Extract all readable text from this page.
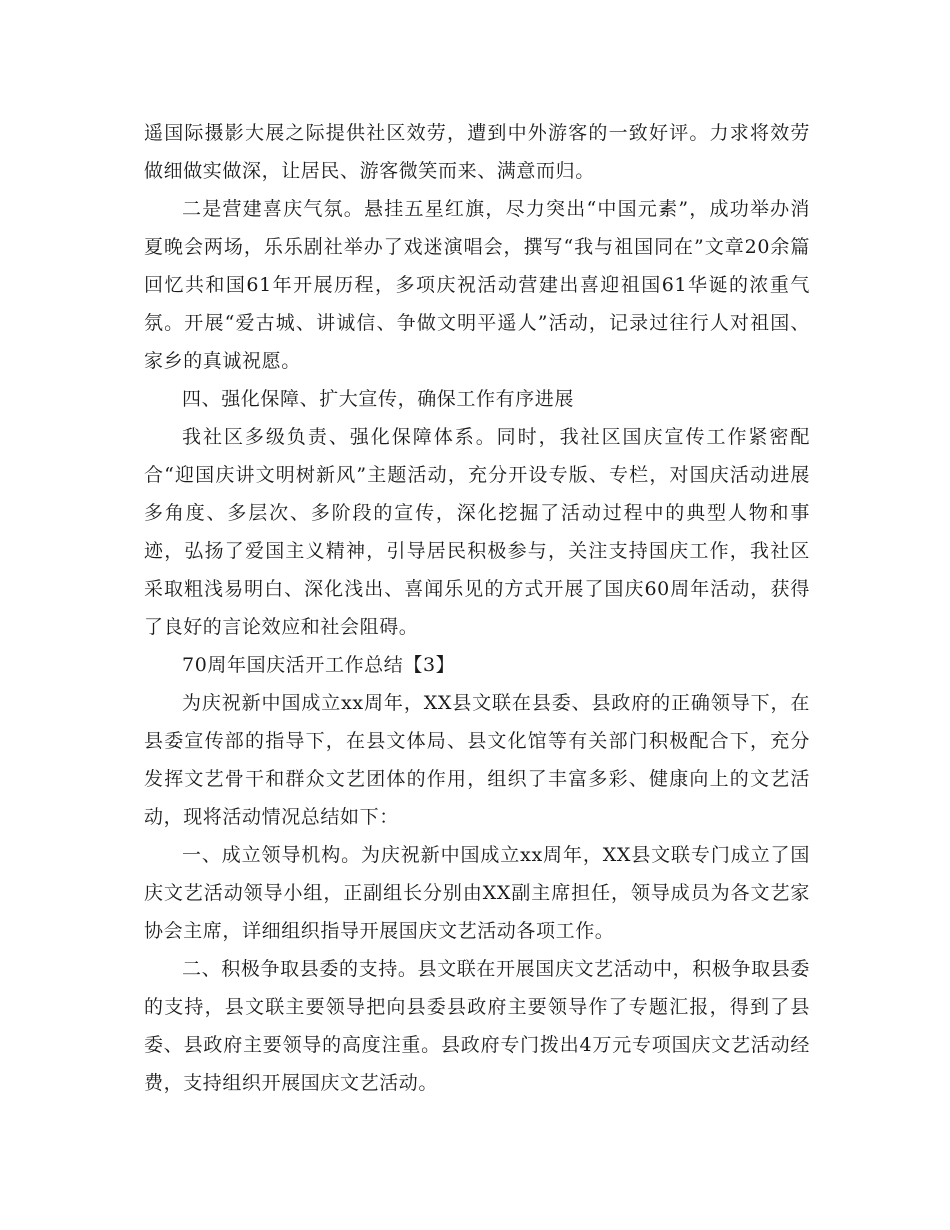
遥国际摄影大展之际提供社区效劳，遭到中外游客的一致好评。力求将效劳做细做实做深，让居民、游客微笑而来、满意而归。

二是营建喜庆气氛。悬挂五星红旗，尽力突出“中国元素”，成功举办消夏晚会两场，乐乐剧社举办了戏迷演唱会，撰写“我与祖国同在”文章20余篇回忆共和国61年开展历程，多项庆祝活动营建出喜迎祖国61华诞的浓重气氛。开展“爱古城、讲诚信、争做文明平遥人”活动，记录过往行人对祖国、家乡的真诚祝愿。

四、强化保障、扩大宣传，确保工作有序进展

我社区多级负责、强化保障体系。同时，我社区国庆宣传工作紧密配合“迎国庆讲文明树新风”主题活动，充分开设专版、专栏，对国庆活动进展多角度、多层次、多阶段的宣传，深化挖掘了活动过程中的典型人物和事迹，弘扬了爱国主义精神，引导居民积极参与，关注支持国庆工作，我社区采取粗浅易明白、深化浅出、喜闻乐见的方式开展了国庆60周年活动，获得了良好的言论效应和社会阻碍。

70周年国庆活开工作总结【3】

为庆祝新中国成立xx周年，XX县文联在县委、县政府的正确领导下，在县委宣传部的指导下，在县文体局、县文化馆等有关部门积极配合下，充分发挥文艺骨干和群众文艺团体的作用，组织了丰富多彩、健康向上的文艺活动，现将活动情况总结如下：

一、成立领导机构。为庆祝新中国成立xx周年，XX县文联专门成立了国庆文艺活动领导小组，正副组长分别由XX副主席担任，领导成员为各文艺家协会主席，详细组织指导开展国庆文艺活动各项工作。

二、积极争取县委的支持。县文联在开展国庆文艺活动中，积极争取县委的支持，县文联主要领导把向县委县政府主要领导作了专题汇报，得到了县委、县政府主要领导的高度注重。县政府专门拨出4万元专项国庆文艺活动经费，支持组织开展国庆文艺活动。
